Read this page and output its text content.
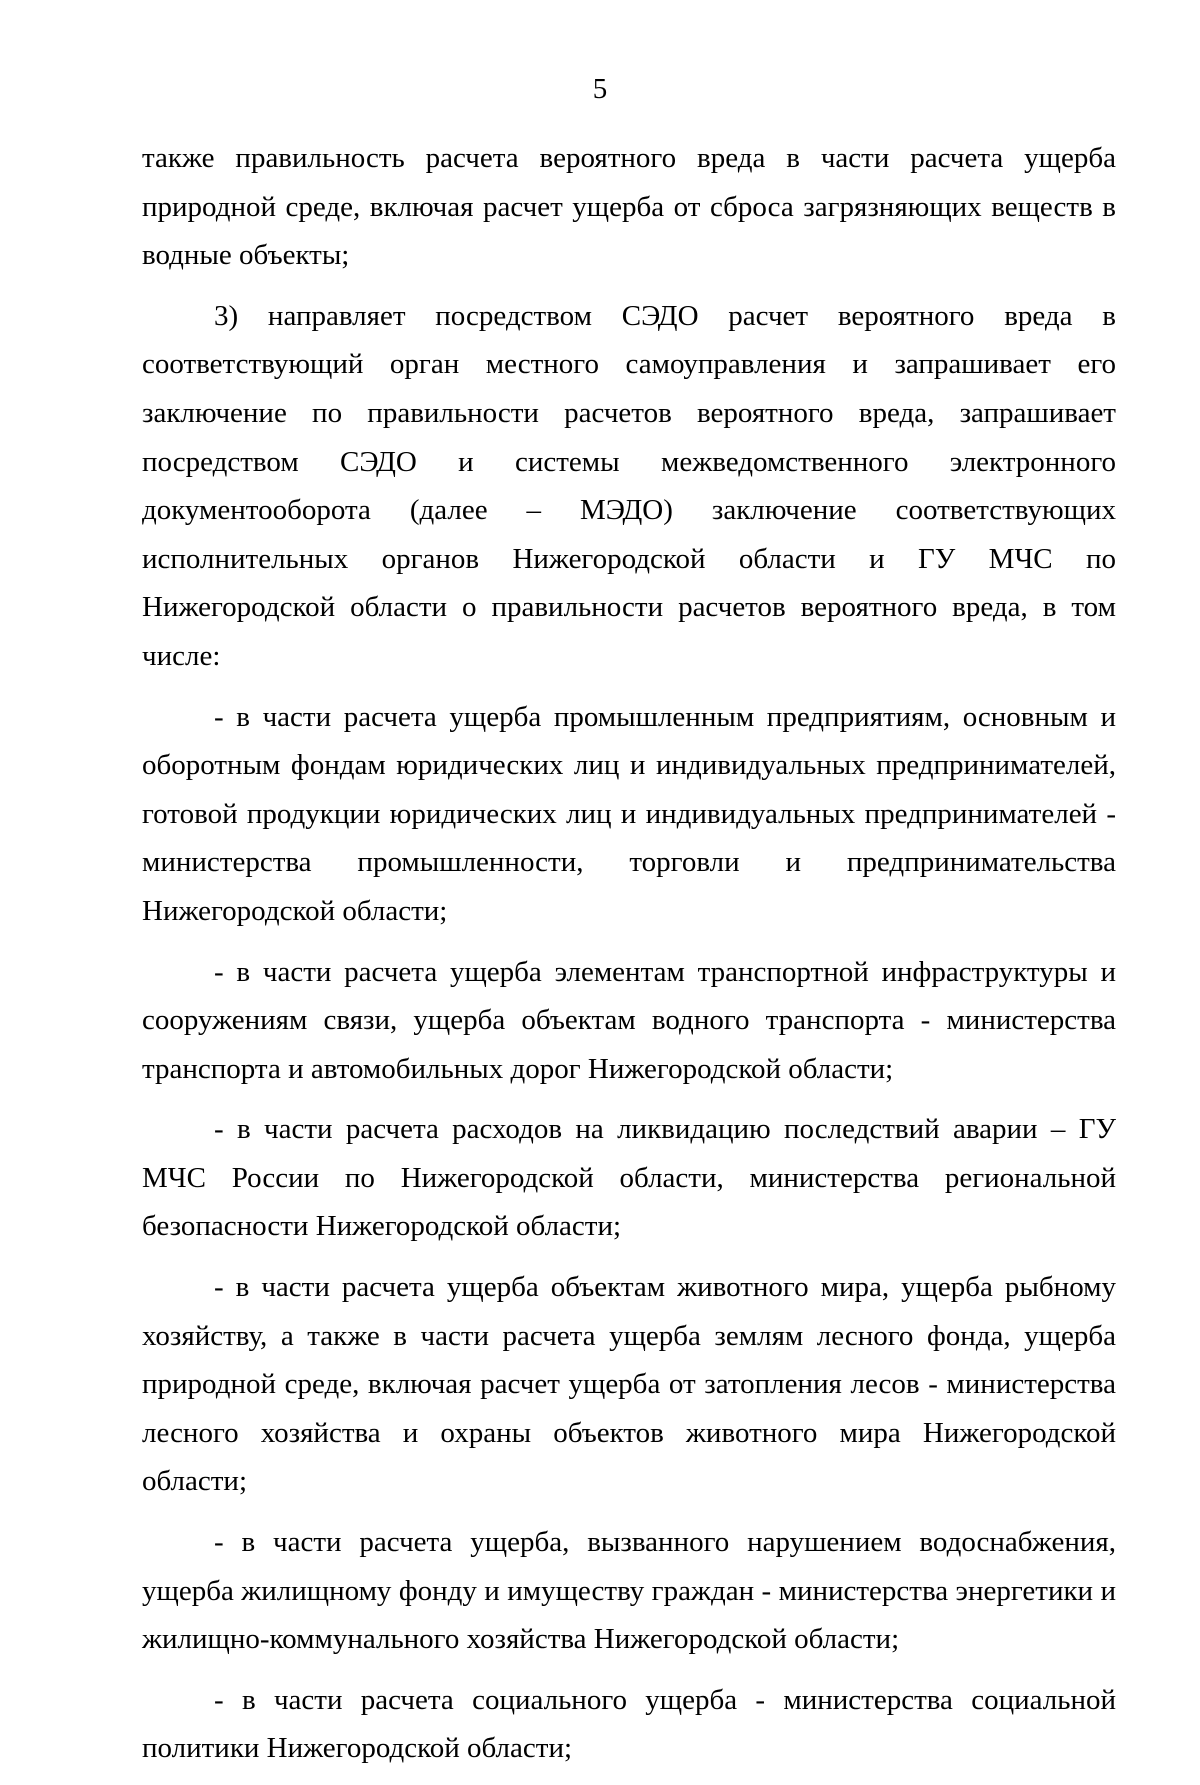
5

также правильность расчета вероятного вреда в части расчета ущерба природной среде, включая расчет ущерба от сброса загрязняющих веществ в водные объекты;

3) направляет посредством СЭДО расчет вероятного вреда в соответствующий орган местного самоуправления и запрашивает его заключение по правильности расчетов вероятного вреда, запрашивает посредством СЭДО и системы межведомственного электронного документооборота (далее – МЭДО) заключение соответствующих исполнительных органов Нижегородской области и ГУ МЧС по Нижегородской области о правильности расчетов вероятного вреда, в том числе:

- в части расчета ущерба промышленным предприятиям, основным и оборотным фондам юридических лиц и индивидуальных предпринимателей, готовой продукции юридических лиц и индивидуальных предпринимателей - министерства промышленности, торговли и предпринимательства Нижегородской области;

- в части расчета ущерба элементам транспортной инфраструктуры и сооружениям связи, ущерба объектам водного транспорта - министерства транспорта и автомобильных дорог Нижегородской области;

- в части расчета расходов на ликвидацию последствий аварии – ГУ МЧС России по Нижегородской области, министерства региональной безопасности Нижегородской области;

- в части расчета ущерба объектам животного мира, ущерба рыбному хозяйству, а также в части расчета ущерба землям лесного фонда, ущерба природной среде, включая расчет ущерба от затопления лесов - министерства лесного хозяйства и охраны объектов животного мира Нижегородской области;

- в части расчета ущерба, вызванного нарушением водоснабжения, ущерба жилищному фонду и имуществу граждан - министерства энергетики и жилищно-коммунального хозяйства Нижегородской области;

- в части расчета социального ущерба - министерства социальной политики Нижегородской области;
